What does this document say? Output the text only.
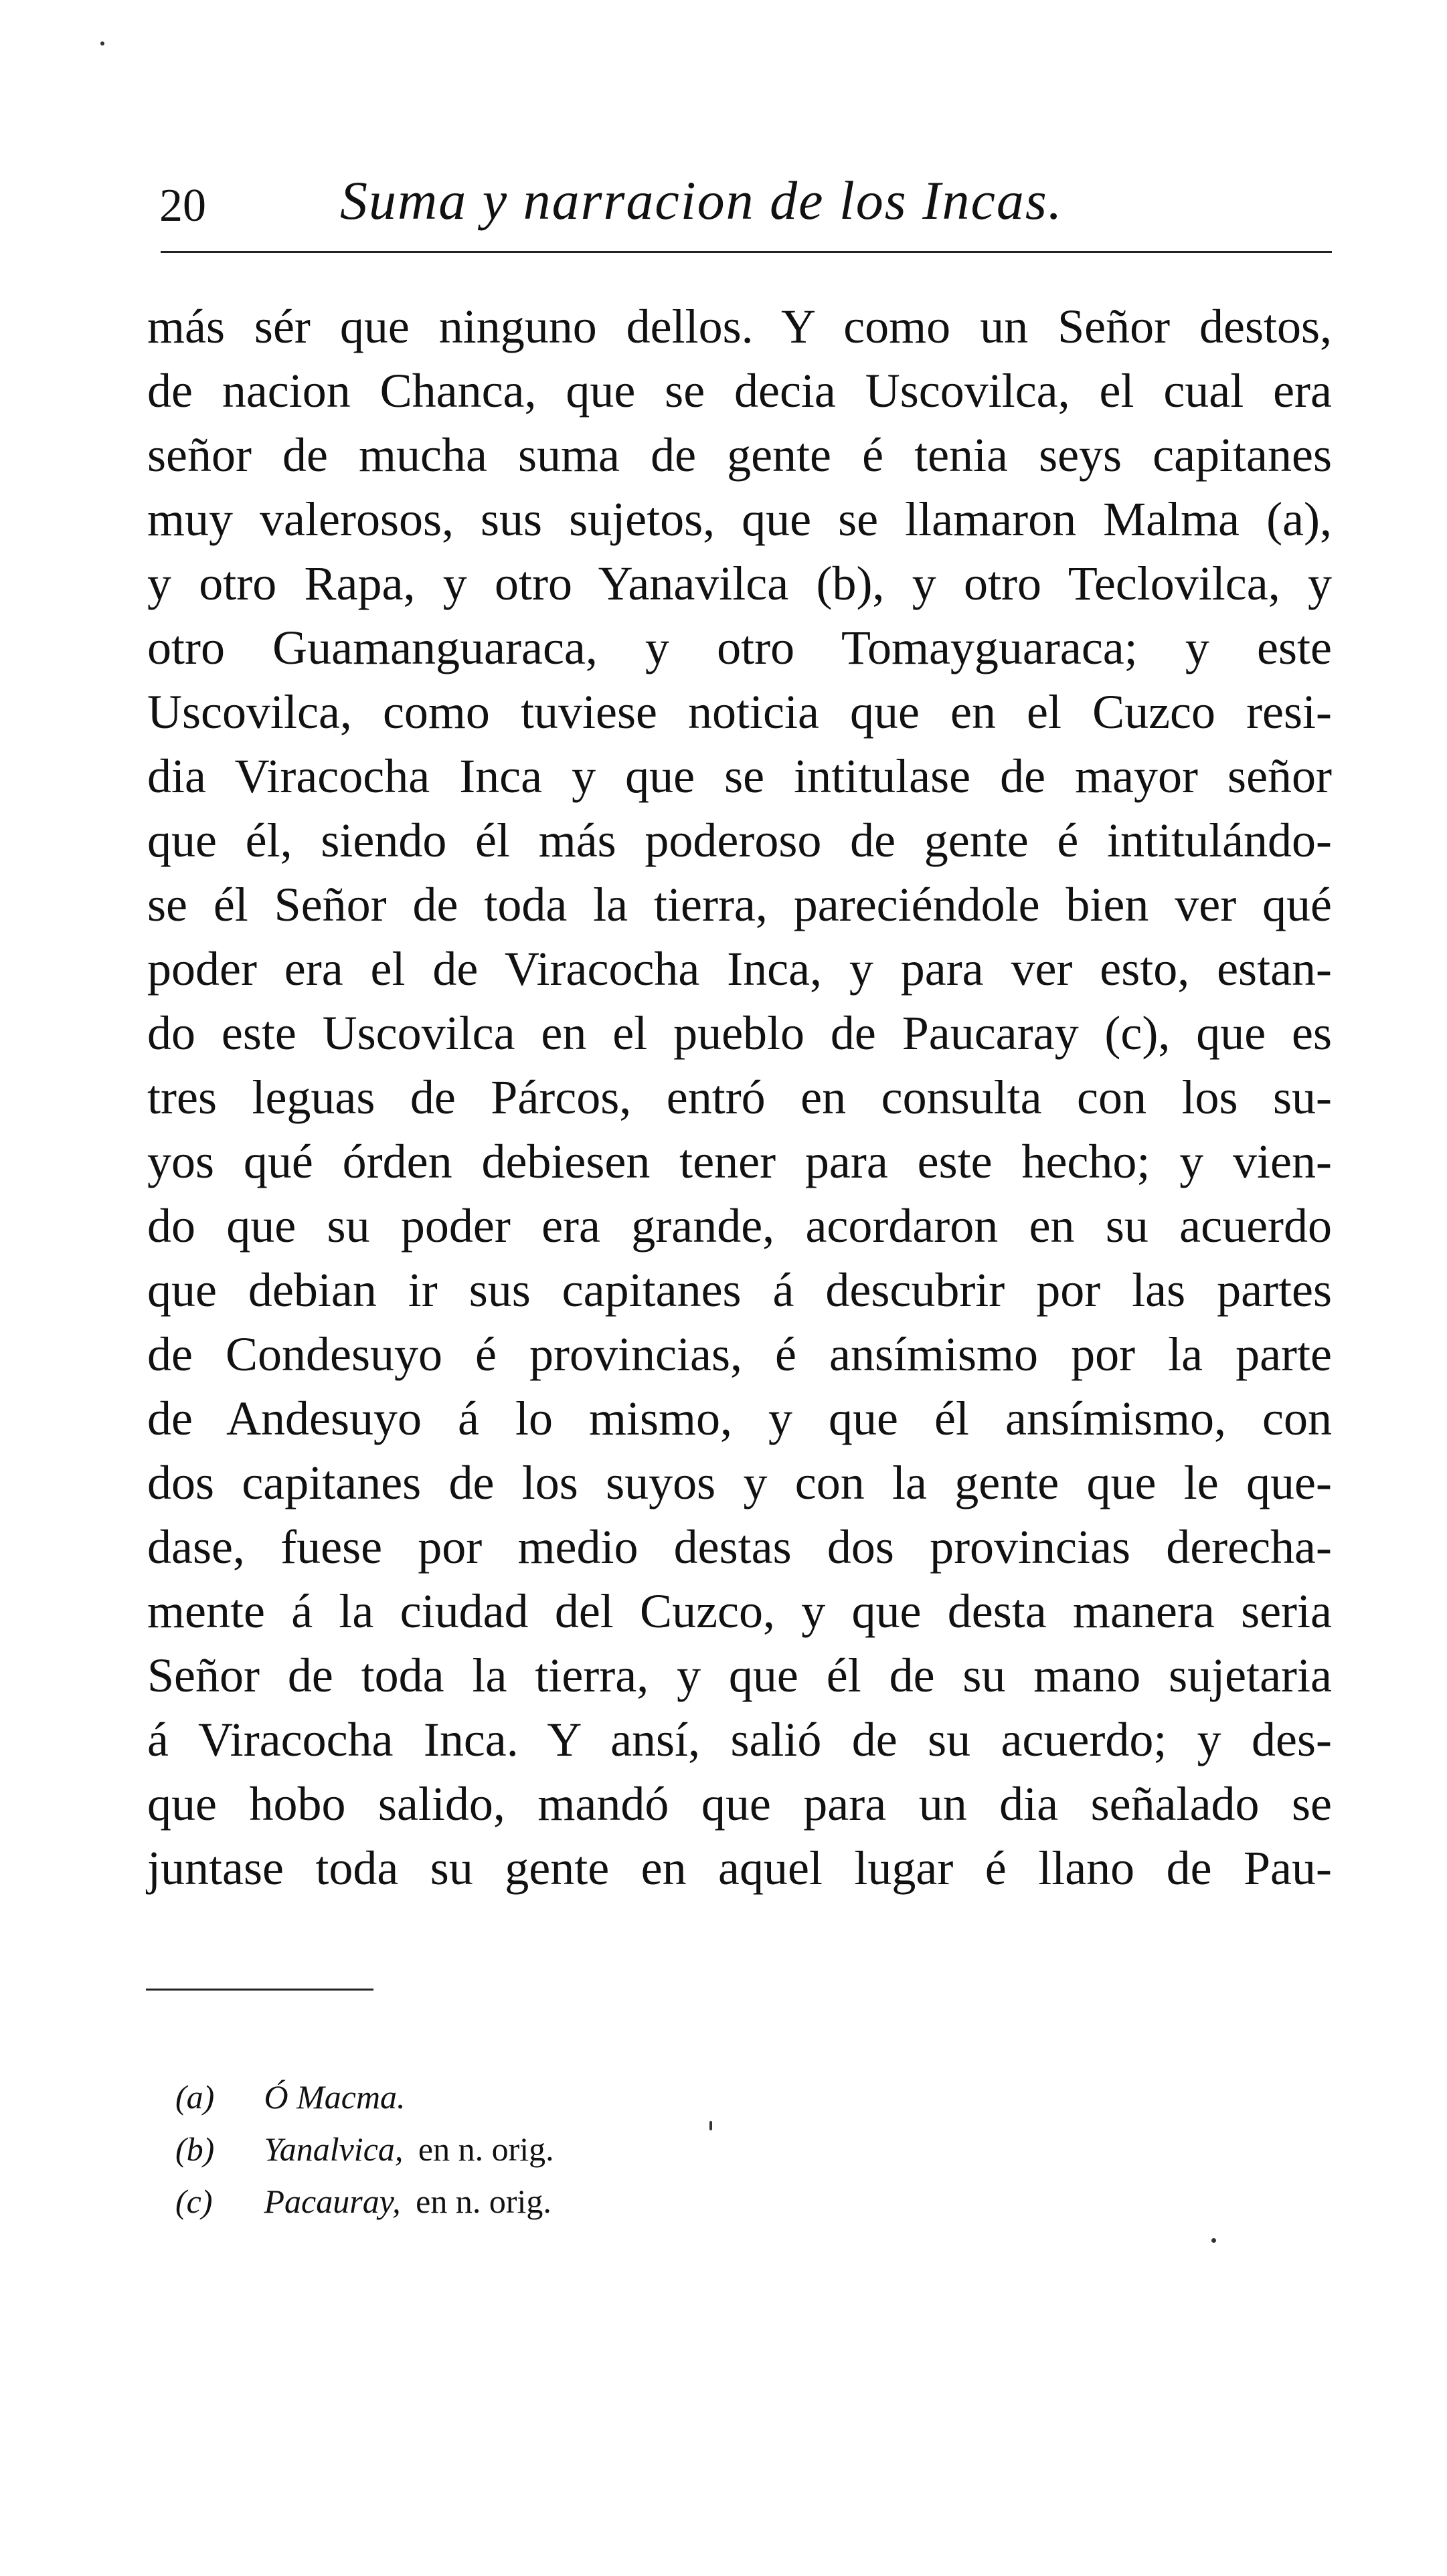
20 Suma y narracion de los Incas.
más sér que ninguno dellos. Y como un Señor destos,
de nacion Chanca, que se decia Uscovilca, el cual era
señor de mucha suma de gente é tenia seys capitanes
muy valerosos, sus sujetos, que se llamaron Malma (a),
y otro Rapa, y otro Yanavilca (b), y otro Teclovilca, y
otro Guamanguaraca, y otro Tomayguaraca; y este
Uscovilca, como tuviese noticia que en el Cuzco resi-
dia Viracocha Inca y que se intitulase de mayor señor
que él, siendo él más poderoso de gente é intitulándo-
se él Señor de toda la tierra, pareciéndole bien ver qué
poder era el de Viracocha Inca, y para ver esto, estan-
do este Uscovilca en el pueblo de Paucaray (c), que es
tres leguas de Párcos, entró en consulta con los su-
yos qué órden debiesen tener para este hecho; y vien-
do que su poder era grande, acordaron en su acuerdo
que debian ir sus capitanes á descubrir por las partes
de Condesuyo é provincias, é ansímismo por la parte
de Andesuyo á lo mismo, y que él ansímismo, con
dos capitanes de los suyos y con la gente que le que-
dase, fuese por medio destas dos provincias derecha-
mente á la ciudad del Cuzco, y que desta manera seria
Señor de toda la tierra, y que él de su mano sujetaria
á Viracocha Inca. Y ansí, salió de su acuerdo; y des-
que hobo salido, mandó que para un dia señalado se
juntase toda su gente en aquel lugar é llano de Pau-
(a) Ó Macma.
(b) Yanalvica, en n. orig.
(c) Pacauray, en n. orig.
